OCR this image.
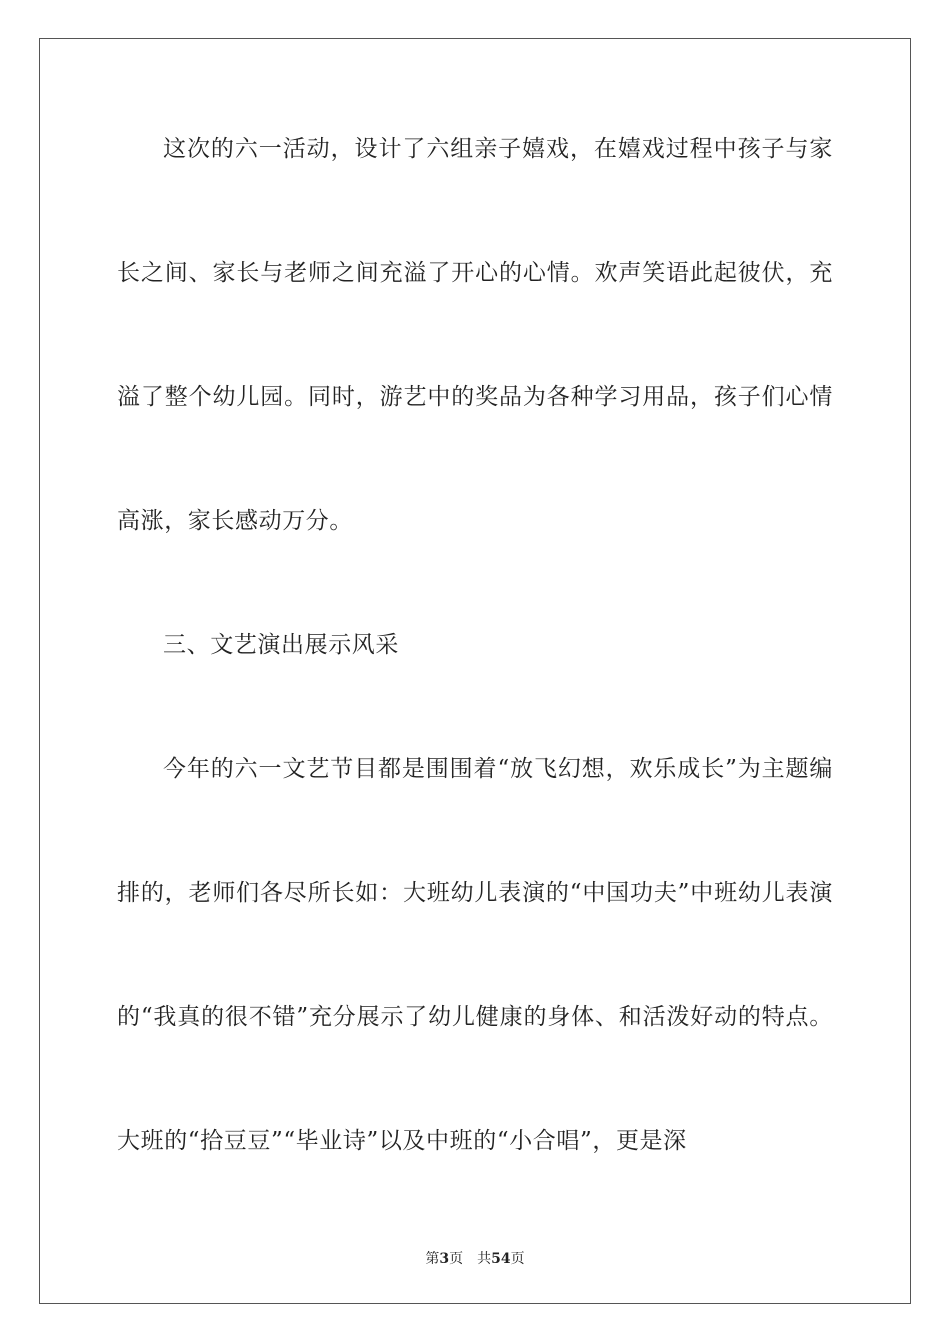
这次的六一活动，设计了六组亲子嬉戏，在嬉戏过程中孩子与家长之间、家长与老师之间充溢了开心的心情。欢声笑语此起彼伏，充溢了整个幼儿园。同时，游艺中的奖品为各种学习用品，孩子们心情高涨，家长感动万分。

三、文艺演出展示风采

今年的六一文艺节目都是围围着“放飞幻想，欢乐成长”为主题编排的，老师们各尽所长如：大班幼儿表演的“中国功夫”中班幼儿表演的“我真的很不错”充分展示了幼儿健康的身体、和活泼好动的特点。大班的“拾豆豆”“毕业诗”以及中班的“小合唱”，更是深

第3页 共54页
